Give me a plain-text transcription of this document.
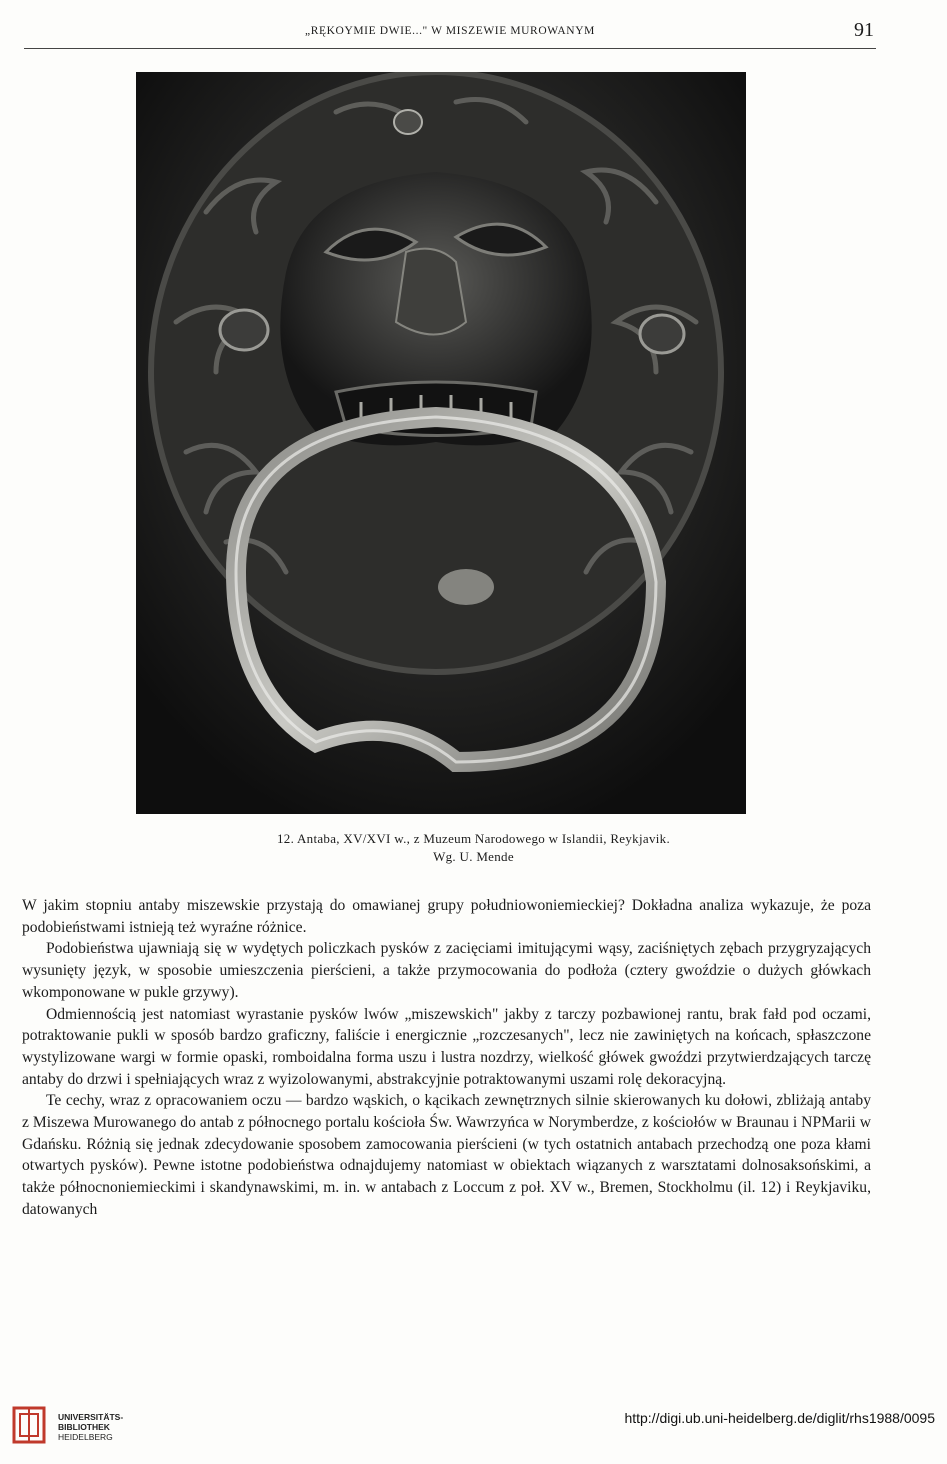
„RĘKOYMIE DWIE..." W MISZEWIE MUROWANYM	91
12. Antaba, XV/XVI w., z Muzeum Narodowego w Islandii, Reykjavik.
Wg. U. Mende

W jakim stopniu antaby miszewskie przystają do omawianej grupy południowoniemieckiej? Dokładna analiza wykazuje, że poza podobieństwami istnieją też wyraźne różnice.

Podobieństwa ujawniają się w wydętych policzkach pysków z zacięciami imitującymi wąsy, zaciśniętych zębach przygryzających wysunięty język, w sposobie umieszczenia pierścieni, a także przymocowania do podłoża (cztery gwoździe o dużych główkach wkomponowane w pukle grzywy).

Odmiennością jest natomiast wyrastanie pysków lwów „miszewskich" jakby z tarczy pozbawionej rantu, brak fałd pod oczami, potraktowanie pukli w sposób bardzo graficzny, faliście i energicznie „rozczesanych", lecz nie zawiniętych na końcach, spłaszczone wystylizowane wargi w formie opaski, romboidalna forma uszu i lustra nozdrzy, wielkość główek gwoździ przytwierdzających tarczę antaby do drzwi i spełniających wraz z wyizolowanymi, abstrakcyjnie potraktowanymi uszami rolę dekoracyjną.

Te cechy, wraz z opracowaniem oczu — bardzo wąskich, o kącikach zewnętrznych silnie skierowanych ku dołowi, zbliżają antaby z Miszewa Murowanego do antab z północnego portalu kościoła Św. Wawrzyńca w Norymberdze, z kościołów w Braunau i NPMarii w Gdańsku. Różnią się jednak zdecydowanie sposobem zamocowania pierścieni (w tych ostatnich antabach przechodzą one poza kłami otwartych pysków). Pewne istotne podobieństwa odnajdujemy natomiast w obiektach wiązanych z warsztatami dolnosaksońskimi, a także północnoniemieckimi i skandynawskimi, m. in. w antabach z Loccum z poł. XV w., Bremen, Stockholmu (il. 12) i Reykjaviku, datowanych

UNIVERSITÄTS-
BIBLIOTHEK
HEIDELBERG
http://digi.ub.uni-heidelberg.de/diglit/rhs1988/0095
